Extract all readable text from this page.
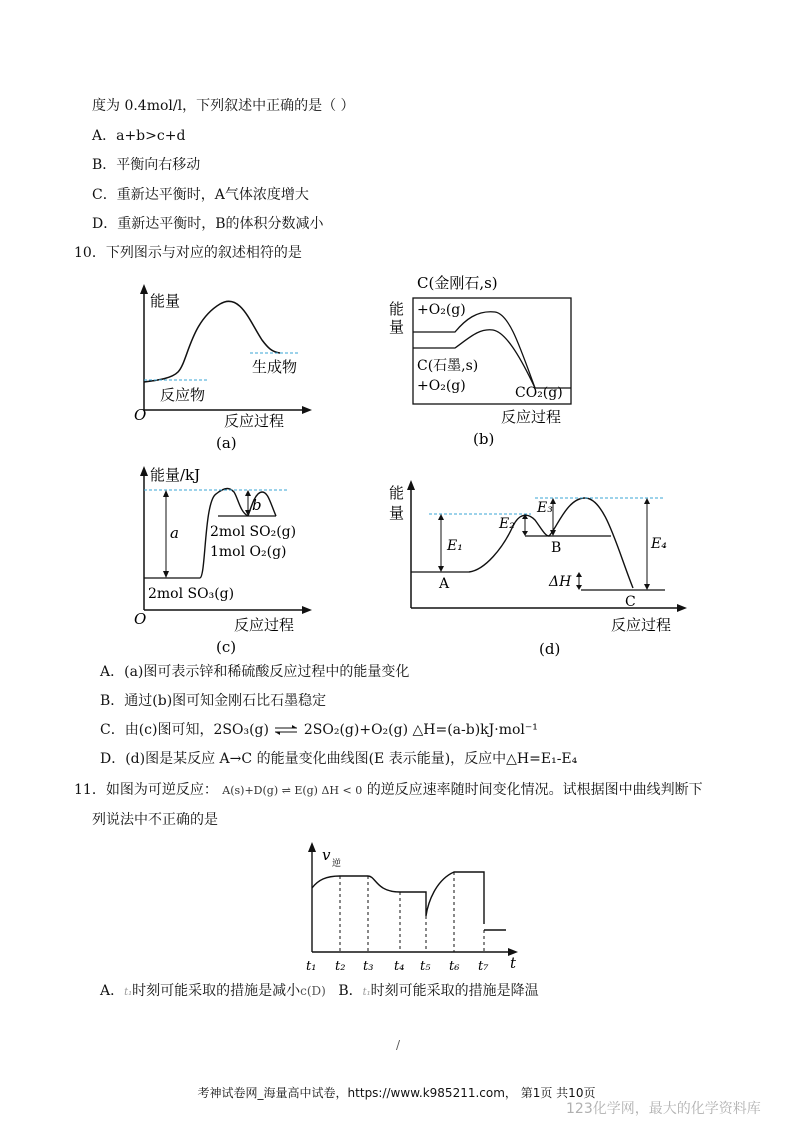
度为 0.4mol/l，下列叙述中正确的是（ ）
A．a+b>c+d
B．平衡向右移动
C．重新达平衡时，A气体浓度增大
D．重新达平衡时，B的体积分数减小
10．下列图示与对应的叙述相符的是
能量
生成物
反应物
O	反应过程
(a)
C(金刚石,s)
能
量
+O₂(g)
C(石墨,s)
+O₂(g)	CO₂(g)
反应过程
(b)
能量/kJ
b
a 2mol SO₂(g)
1mol O₂(g)
2mol SO₃(g)
O	反应过程
(c)
能
量
E₁
E₂
E₃
E₄
A
B
C
ΔH
反应过程
(d)
A．(a)图可表示锌和稀硫酸反应过程中的能量变化
B．通过(b)图可知金刚石比石墨稳定
C．由(c)图可知，2SO₃(g) ⇌ 2SO₂(g)+O₂(g) △H=(a-b)kJ·mol⁻¹
D．(d)图是某反应 A→C 的能量变化曲线图(E 表示能量)，反应中△H=E₁-E₄
11．如图为可逆反应： A(s)+D(g) ⇌ E(g) ΔH < 0 的逆反应速率随时间变化情况。试根据图中曲线判断下
列说法中不正确的是
v 逆
t
t₁ t₂ t₃ t₄ t₅ t₆ t₇
A．t₁时刻可能采取的措施是减小c(D) B．t₁时刻可能采取的措施是降温
/
考神试卷网_海量高中试卷，https://www.k985211.com， 第1页 共10页
123化学网，最大的化学资料库
